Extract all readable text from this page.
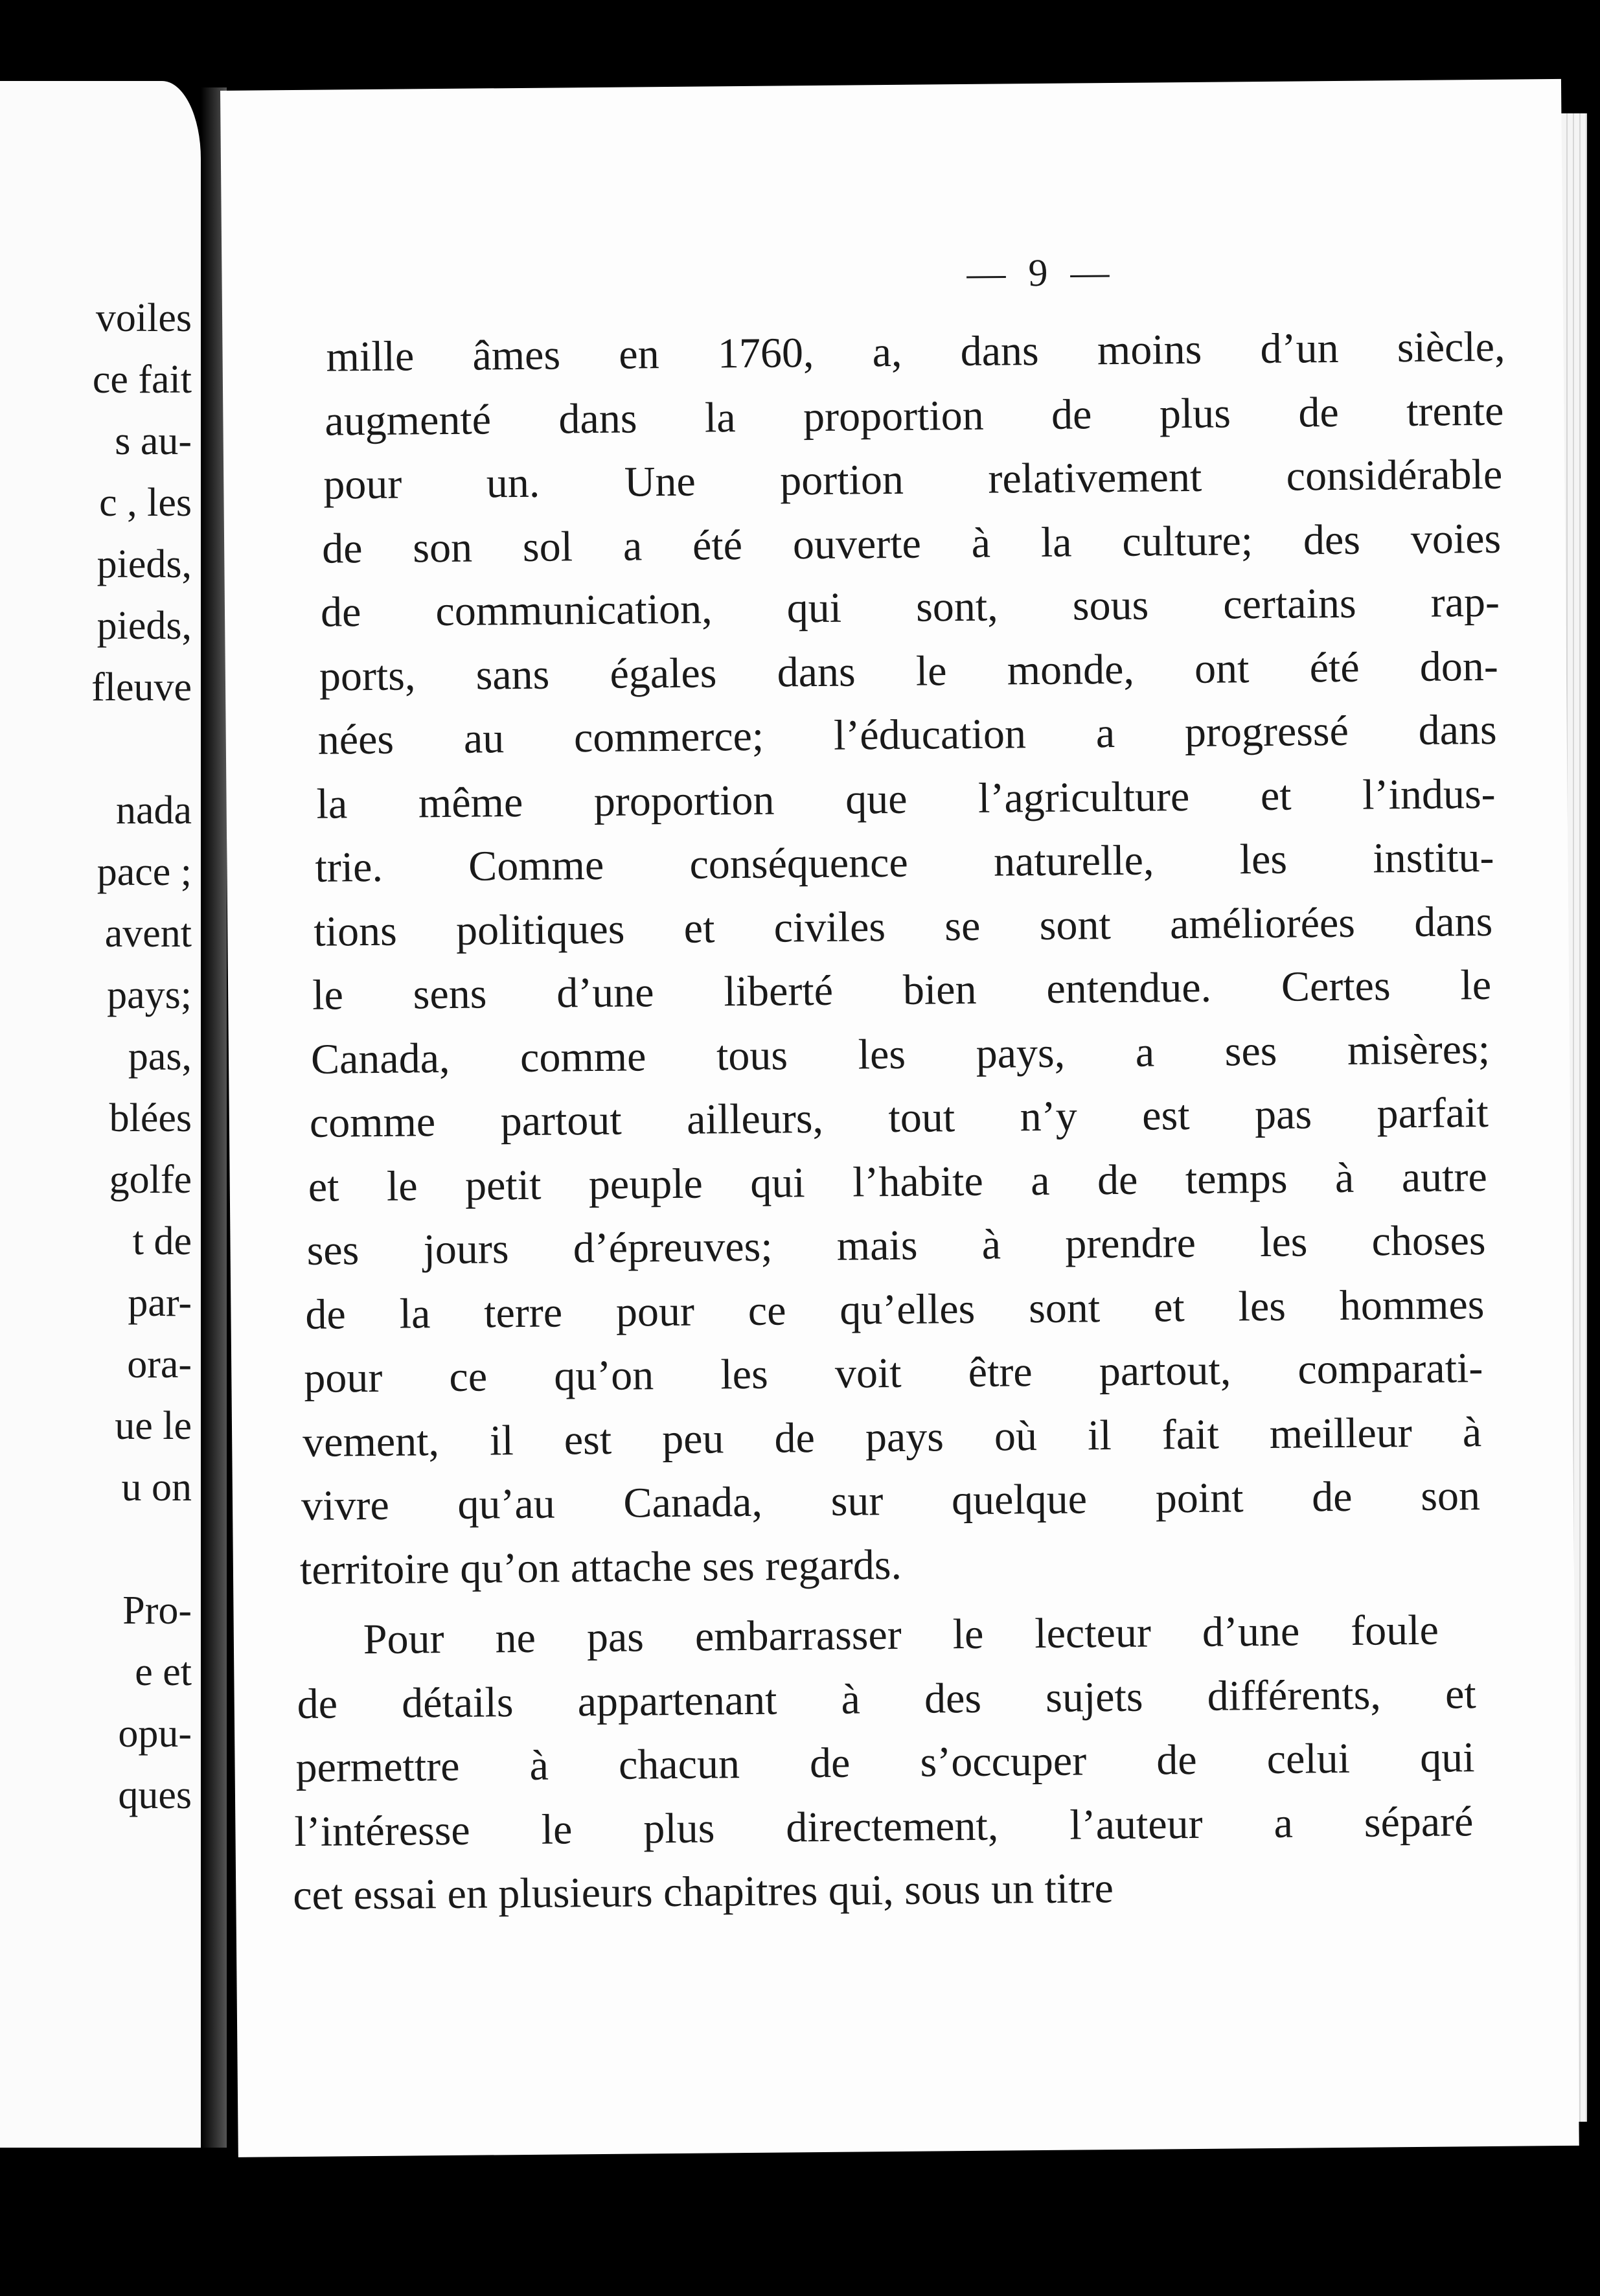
voiles
ce fait
s au-
c , les
pieds,
pieds,
fleuve
nada
pace ;
avent
pays;
pas,
blées
golfe
t de
par-
ora-
ue le
u on
Pro-
e et
opu-
ques
— 9 —
mille âmes en 1760, a, dans moins d’un siècle,
augmenté dans la proportion de plus de trente
pour un. Une portion relativement considérable
de son sol a été ouverte à la culture; des voies
de communication, qui sont, sous certains rap-
ports, sans égales dans le monde, ont été don-
nées au commerce; l’éducation a progressé dans
la même proportion que l’agriculture et l’indus-
trie. Comme conséquence naturelle, les institu-
tions politiques et civiles se sont améliorées dans
le sens d’une liberté bien entendue. Certes le
Canada, comme tous les pays, a ses misères;
comme partout ailleurs, tout n’y est pas parfait
et le petit peuple qui l’habite a de temps à autre
ses jours d’épreuves; mais à prendre les choses
de la terre pour ce qu’elles sont et les hommes
pour ce qu’on les voit être partout, comparati-
vement, il est peu de pays où il fait meilleur à
vivre qu’au Canada, sur quelque point de son
territoire qu’on attache ses regards.
Pour ne pas embarrasser le lecteur d’une foule
de détails appartenant à des sujets différents, et
permettre à chacun de s’occuper de celui qui
l’intéresse le plus directement, l’auteur a séparé
cet essai en plusieurs chapitres qui, sous un titre
